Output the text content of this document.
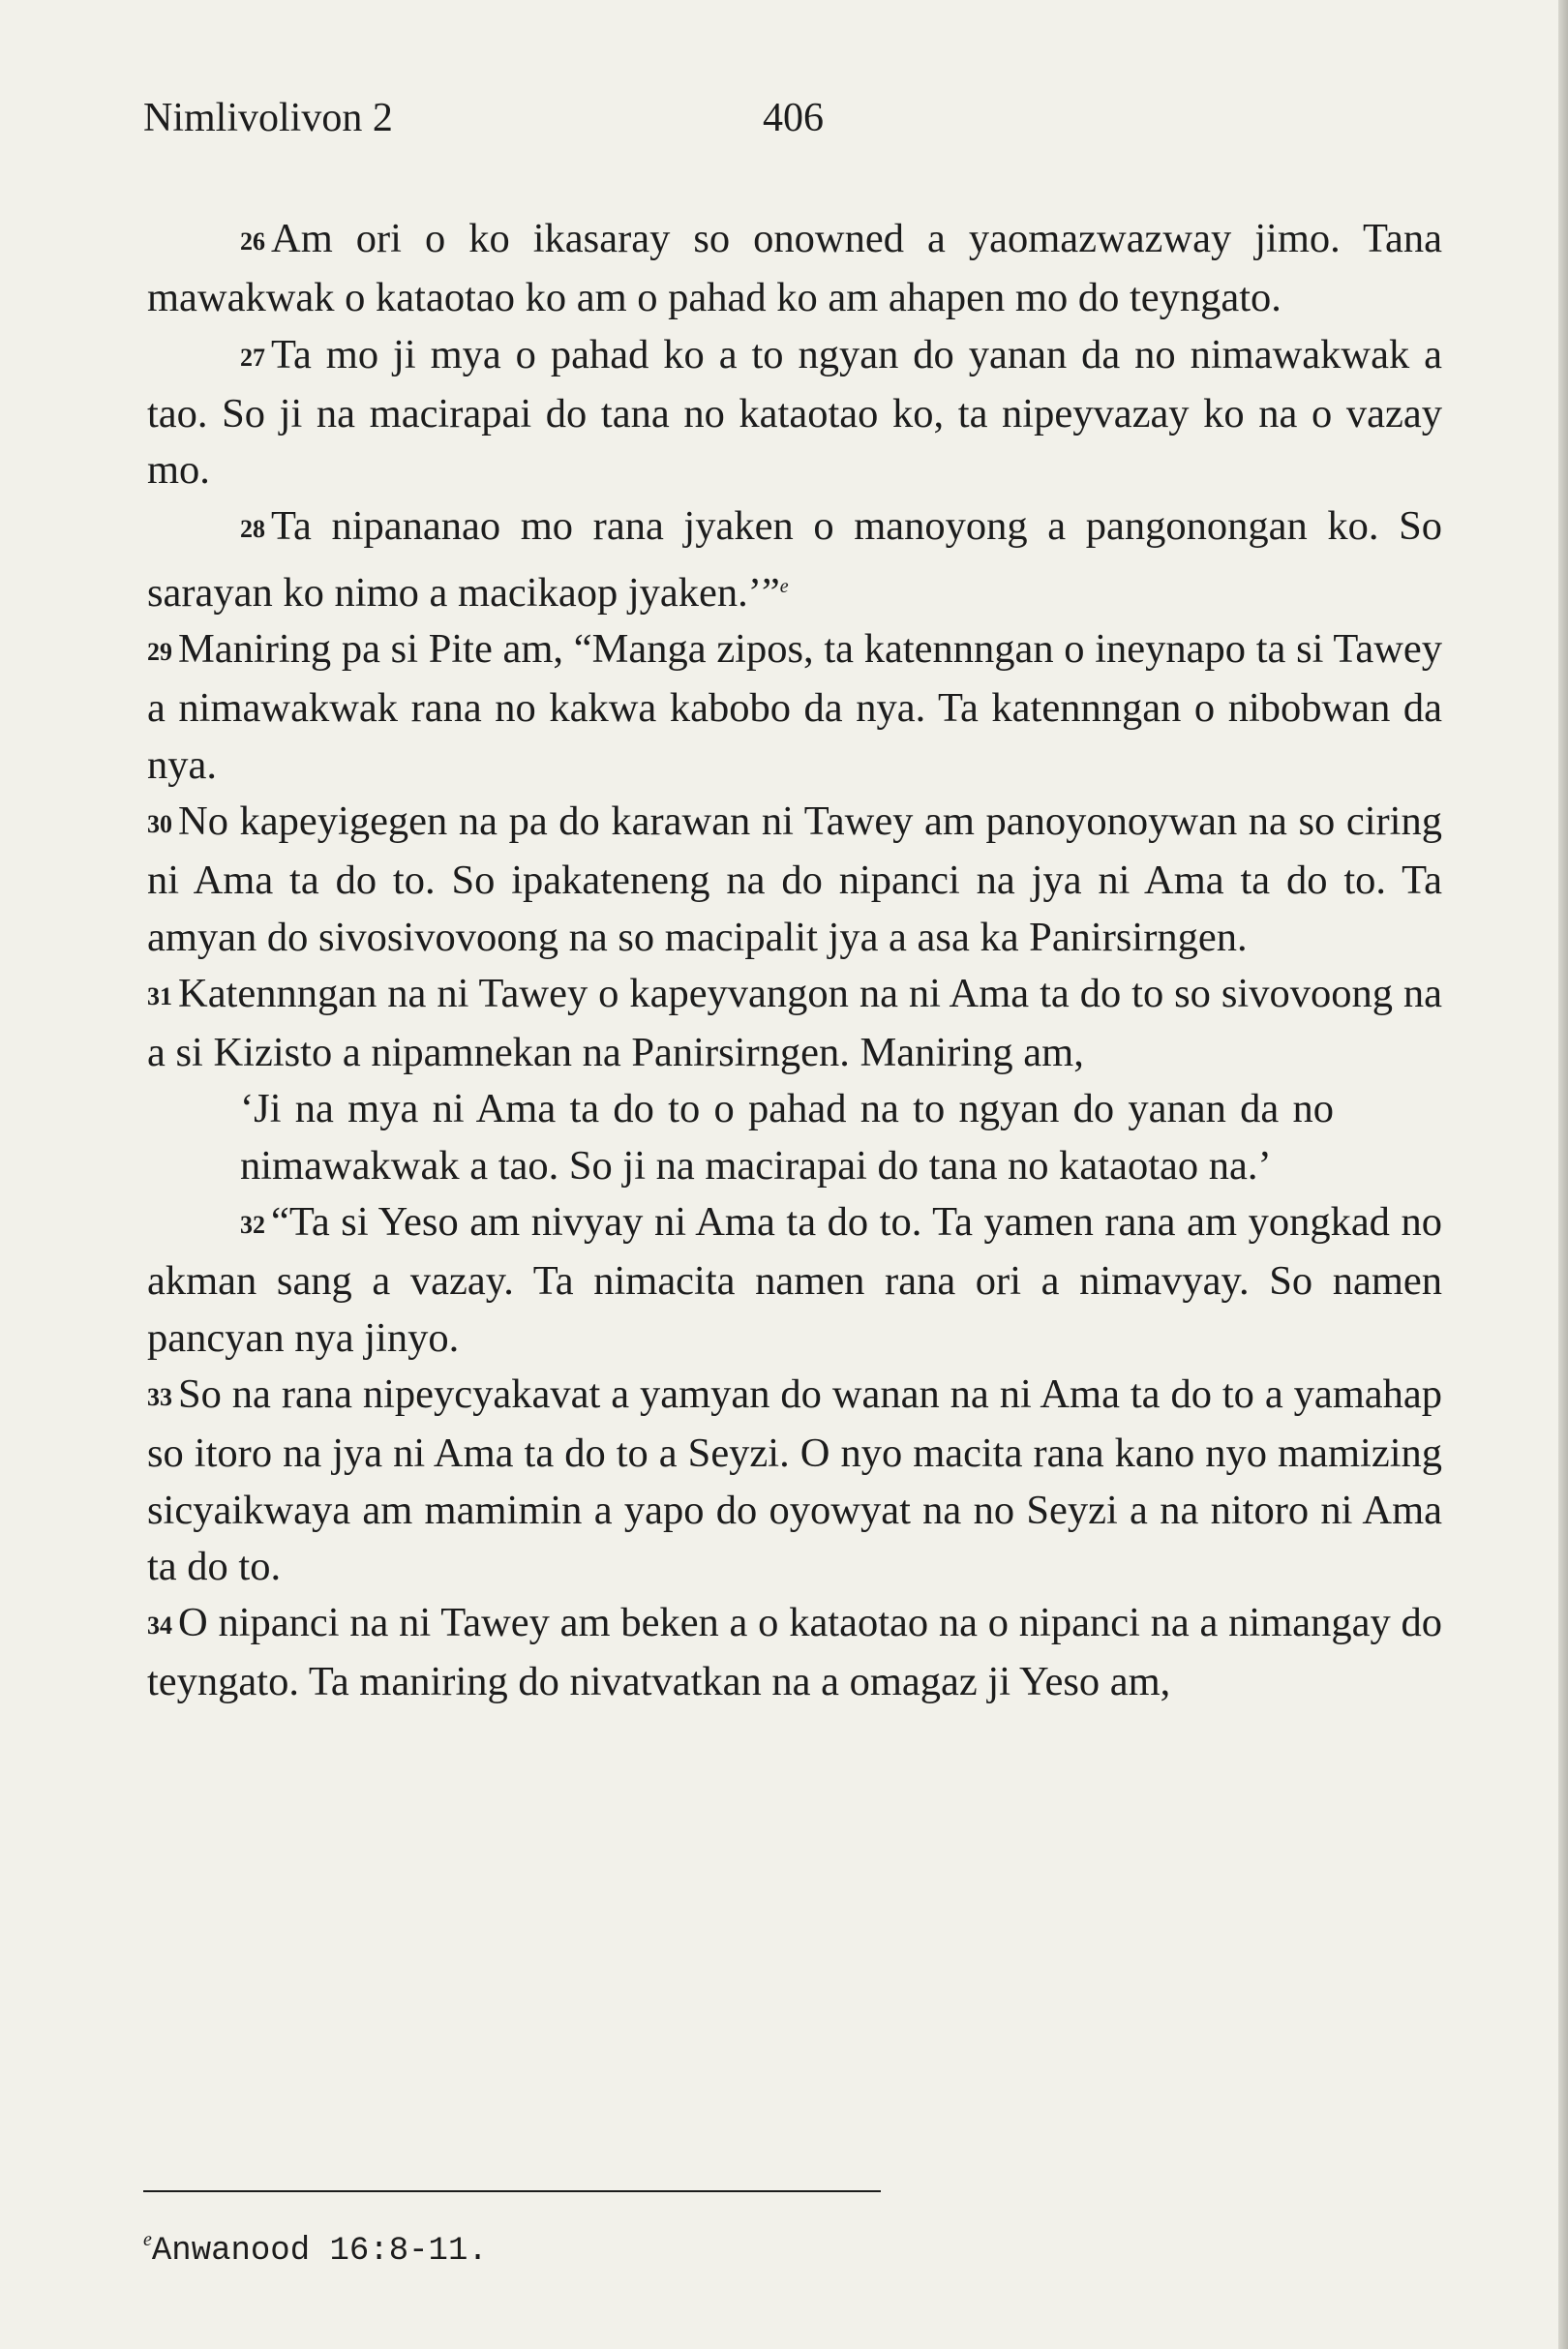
Nimlivolivon 2	406

26 Am ori o ko ikasaray so onowned a yaomazwazway jimo. Tana mawakwak o kataotao ko am o pahad ko am ahapen mo do teyngato.

27 Ta mo ji mya o pahad ko a to ngyan do yanan da no nimawakwak a tao. So ji na macirapai do tana no kataotao ko, ta nipeyvazay ko na o vazay mo.

28 Ta nipananao mo rana jyaken o manoyong a pangonongan ko. So sarayan ko nimo a macikaop jyaken.’”$^e$

29 Maniring pa si Pite am, “Manga zipos, ta katennngan o ineynapo ta si Tawey a nimawakwak rana no kakwa kabobo da nya. Ta katennngan o nibobwan da nya.

30 No kapeyigegen na pa do karawan ni Tawey am panoyonoywan na so ciring ni Ama ta do to. So ipakateneng na do nipanci na jya ni Ama ta do to. Ta amyan do sivosivovoong na so macipalit jya a asa ka Panirsirngen.

31 Katennngan na ni Tawey o kapeyvangon na ni Ama ta do to so sivovoong na a si Kizisto a nipamnekan na Panirsirngen. Maniring am,

‘Ji na mya ni Ama ta do to o pahad na to ngyan do yanan da no nimawakwak a tao. So ji na macirapai do tana no kataotao na.’

32 “Ta si Yeso am nivyay ni Ama ta do to. Ta yamen rana am yongkad no akman sang a vazay. Ta nimacita namen rana ori a nimavyay. So namen pancyan nya jinyo.

33 So na rana nipeycyakavat a yamyan do wanan na ni Ama ta do to a yamahap so itoro na jya ni Ama ta do to a Seyzi. O nyo macita rana kano nyo mamizing sicyaikwaya am mamimin a yapo do oyowyat na no Seyzi a na nitoro ni Ama ta do to.

34 O nipanci na ni Tawey am beken a o kataotao na o nipanci na a nimangay do teyngato. Ta maniring do nivatvatkan na a omagaz ji Yeso am,

$^e$Anwanood 16:8-11.
